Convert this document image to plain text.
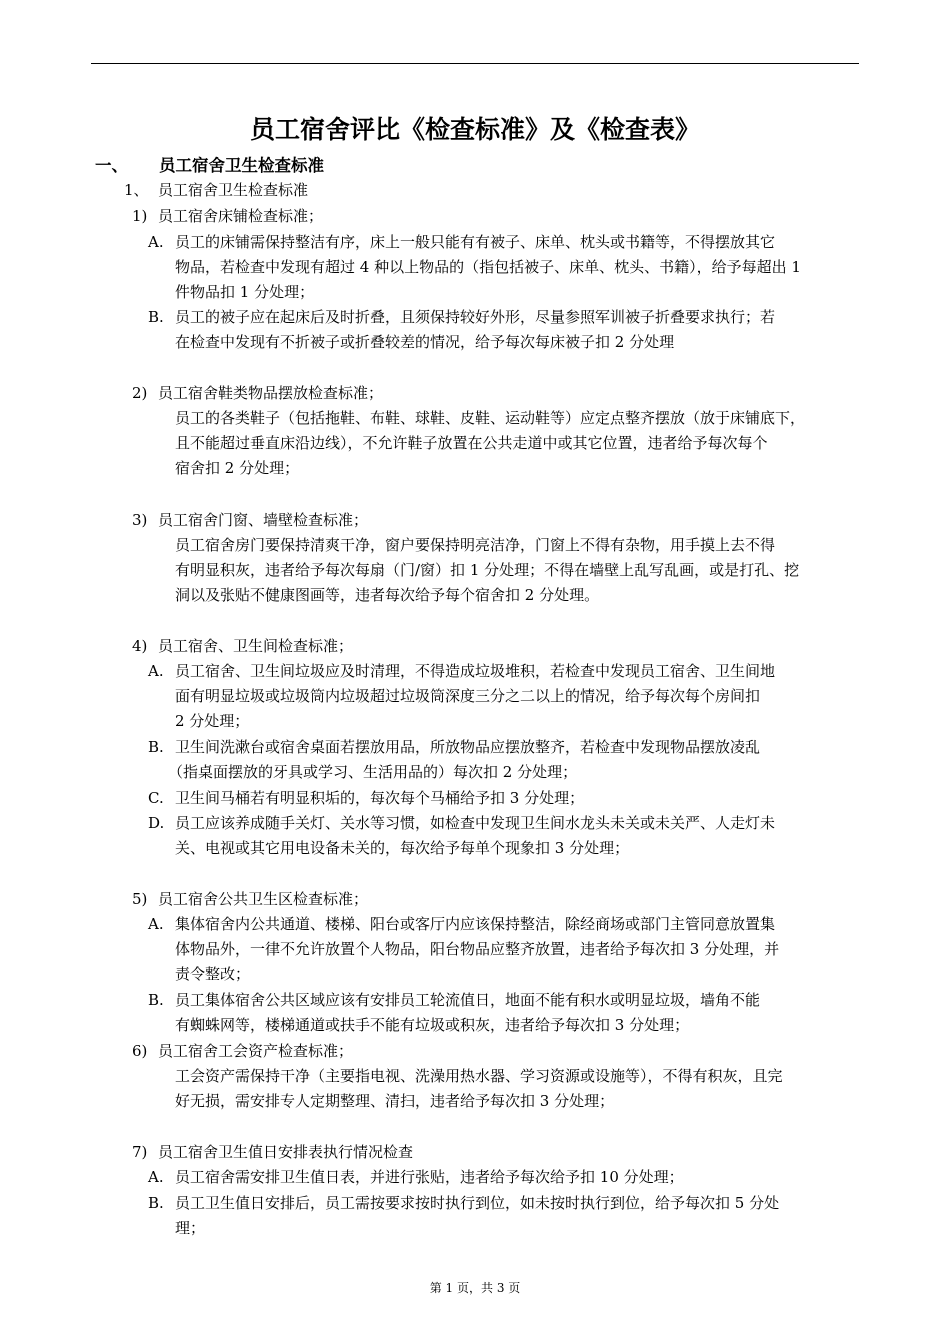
员工宿舍评比《检查标准》及《检查表》
一、 员工宿舍卫生检查标准
1、 员工宿舍卫生检查标准
1) 员工宿舍床铺检查标准；
A. 员工的床铺需保持整洁有序，床上一般只能有有被子、床单、枕头或书籍等，不得摆放其它
物品，若检查中发现有超过 4 种以上物品的（指包括被子、床单、枕头、书籍），给予每超出 1
件物品扣 1 分处理；
B. 员工的被子应在起床后及时折叠，且须保持较好外形，尽量参照军训被子折叠要求执行；若
在检查中发现有不折被子或折叠较差的情况，给予每次每床被子扣 2 分处理
2) 员工宿舍鞋类物品摆放检查标准；
员工的各类鞋子（包括拖鞋、布鞋、球鞋、皮鞋、运动鞋等）应定点整齐摆放（放于床铺底下，
且不能超过垂直床沿边线），不允许鞋子放置在公共走道中或其它位置，违者给予每次每个
宿舍扣 2 分处理；
3) 员工宿舍门窗、墙壁检查标准；
员工宿舍房门要保持清爽干净，窗户要保持明亮洁净，门窗上不得有杂物，用手摸上去不得
有明显积灰，违者给予每次每扇（门/窗）扣 1 分处理；不得在墙壁上乱写乱画，或是打孔、挖
洞以及张贴不健康图画等，违者每次给予每个宿舍扣 2 分处理。
4) 员工宿舍、卫生间检查标准；
A. 员工宿舍、卫生间垃圾应及时清理，不得造成垃圾堆积，若检查中发现员工宿舍、卫生间地
面有明显垃圾或垃圾筒内垃圾超过垃圾筒深度三分之二以上的情况，给予每次每个房间扣
2 分处理；
B. 卫生间洗漱台或宿舍桌面若摆放用品，所放物品应摆放整齐，若检查中发现物品摆放凌乱
（指桌面摆放的牙具或学习、生活用品的）每次扣 2 分处理；
C. 卫生间马桶若有明显积垢的，每次每个马桶给予扣 3 分处理；
D. 员工应该养成随手关灯、关水等习惯，如检查中发现卫生间水龙头未关或未关严、人走灯未
关、电视或其它用电设备未关的，每次给予每单个现象扣 3 分处理；
5) 员工宿舍公共卫生区检查标准；
A. 集体宿舍内公共通道、楼梯、阳台或客厅内应该保持整洁，除经商场或部门主管同意放置集
体物品外，一律不允许放置个人物品，阳台物品应整齐放置，违者给予每次扣 3 分处理，并
责令整改；
B. 员工集体宿舍公共区域应该有安排员工轮流值日，地面不能有积水或明显垃圾，墙角不能
有蜘蛛网等，楼梯通道或扶手不能有垃圾或积灰，违者给予每次扣 3 分处理；
6) 员工宿舍工会资产检查标准；
工会资产需保持干净（主要指电视、洗澡用热水器、学习资源或设施等），不得有积灰，且完
好无损，需安排专人定期整理、清扫，违者给予每次扣 3 分处理；
7) 员工宿舍卫生值日安排表执行情况检查
A. 员工宿舍需安排卫生值日表，并进行张贴，违者给予每次给予扣 10 分处理；
B. 员工卫生值日安排后，员工需按要求按时执行到位，如未按时执行到位，给予每次扣 5 分处
理；
第 1 页，共 3 页
